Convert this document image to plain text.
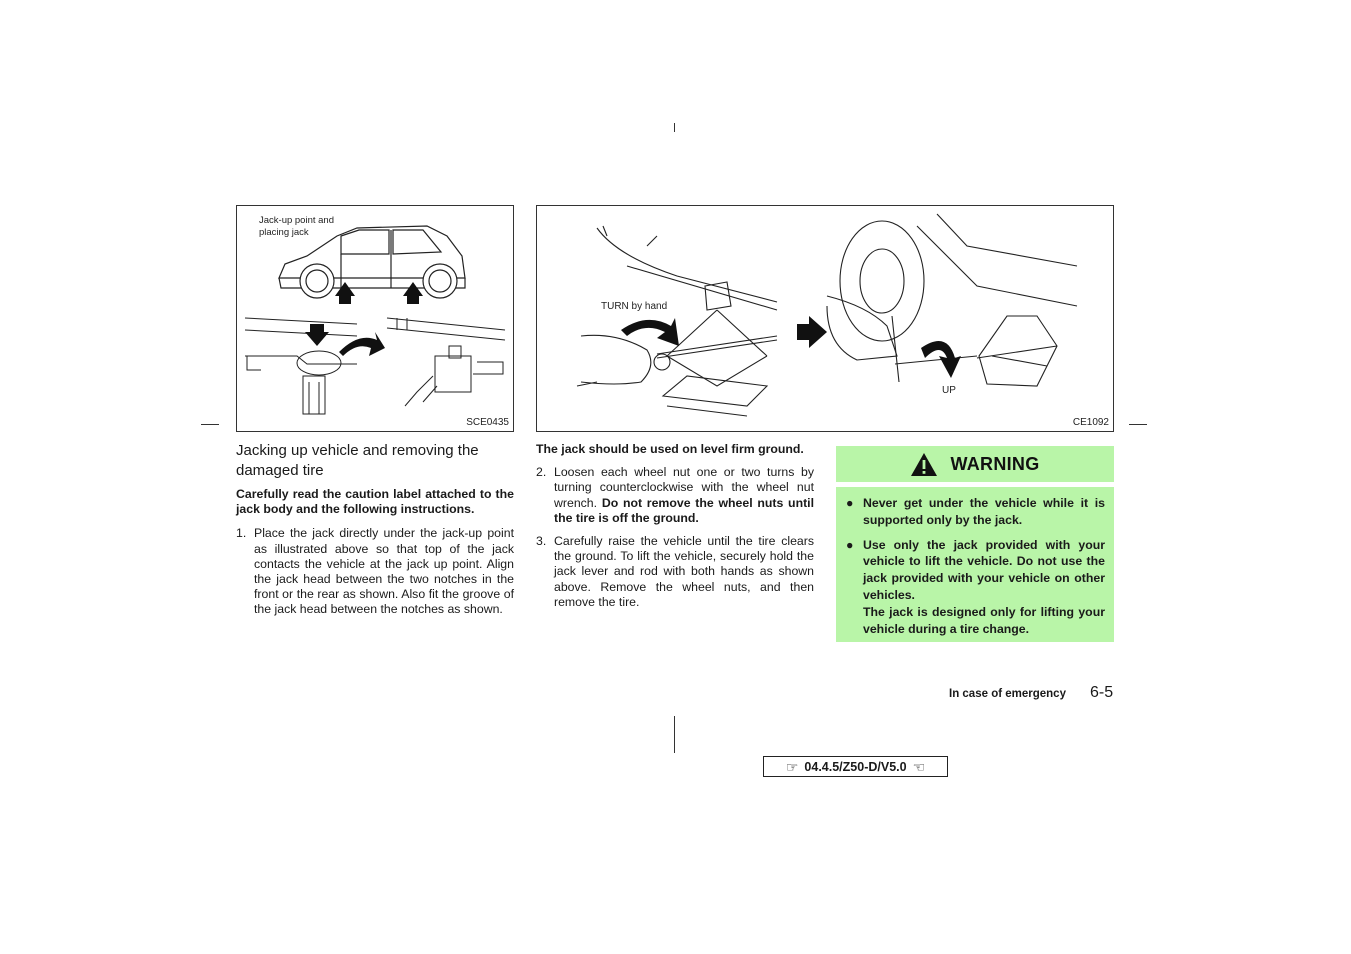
Jack-up point and
placing jack
SCE0435
TURN by hand
UP
CE1092
Jacking up vehicle and removing the
damaged tire
Carefully read the caution label attached to the jack body and the following instructions.
1. Place the jack directly under the jack-up point as illustrated above so that top of the jack contacts the vehicle at the jack up point. Align the jack head between the two notches in the front or the rear as shown. Also fit the groove of the jack head between the notches as shown.
The jack should be used on level firm ground.
2. Loosen each wheel nut one or two turns by turning counterclockwise with the wheel nut wrench. Do not remove the wheel nuts until the tire is off the ground.
3. Carefully raise the vehicle until the tire clears the ground. To lift the vehicle, securely hold the jack lever and rod with both hands as shown above. Remove the wheel nuts, and then remove the tire.
WARNING
● Never get under the vehicle while it is supported only by the jack.
● Use only the jack provided with your vehicle to lift the vehicle. Do not use the jack provided with your vehicle on other vehicles.
The jack is designed only for lifting your vehicle during a tire change.
In case of emergency 6-5
☞ 04.4.5/Z50-D/V5.0 ☜
